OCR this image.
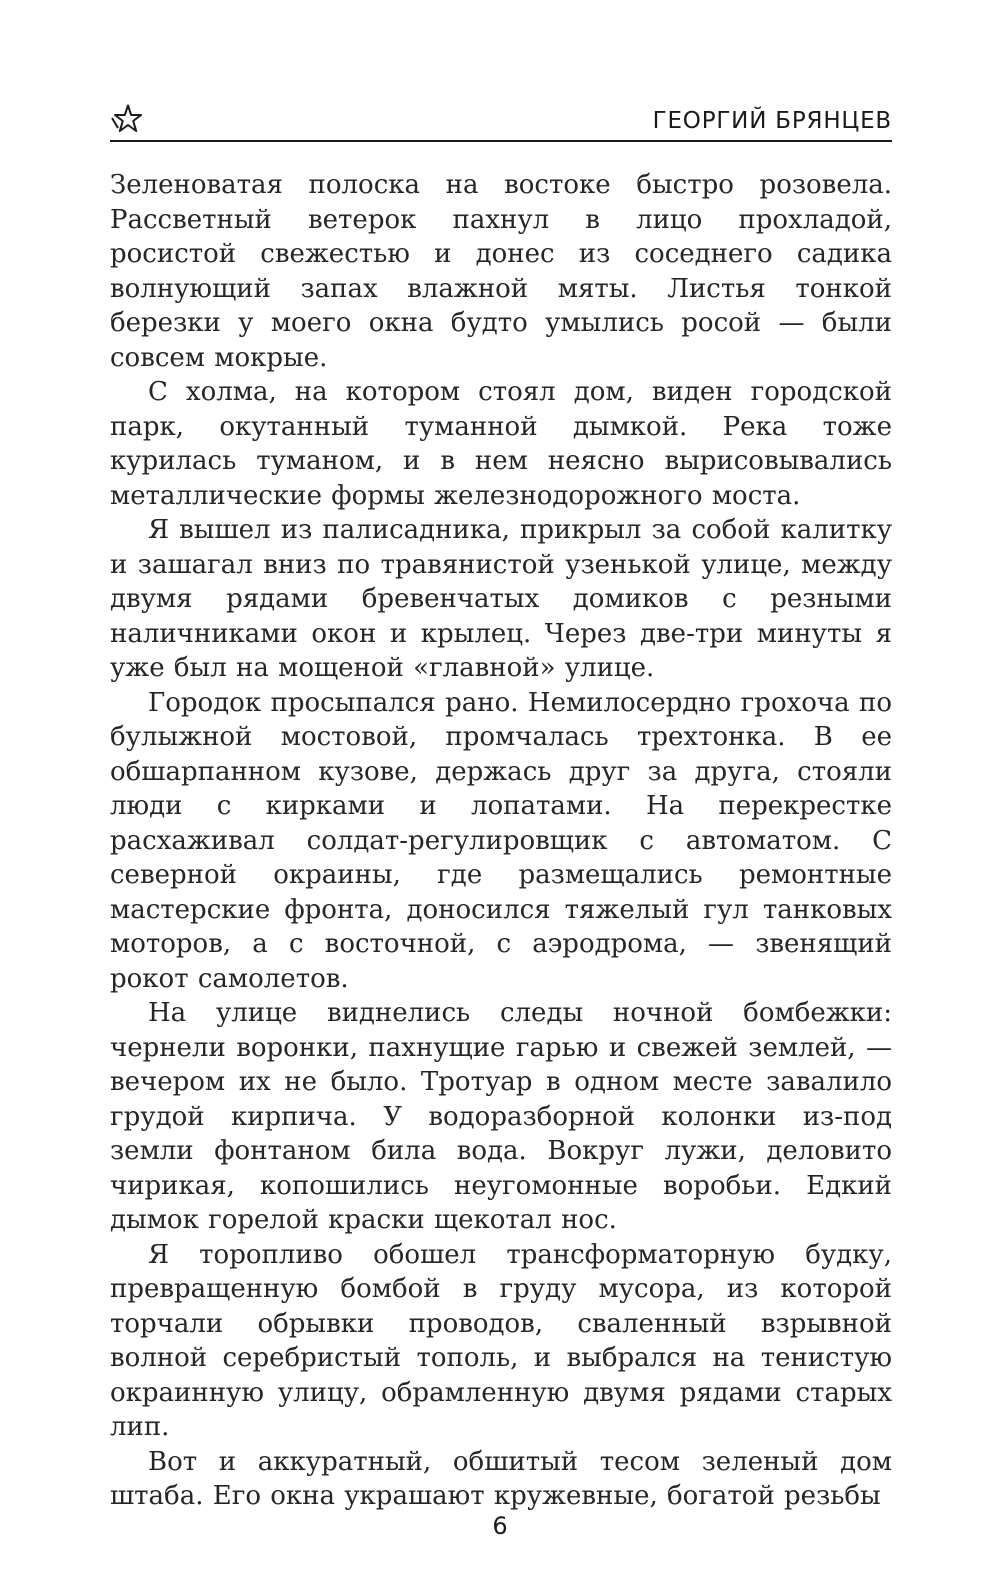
ГЕОРГИЙ БРЯНЦЕВ

Зеленоватая полоска на востоке быстро розовела. Рассветный ветерок пахнул в лицо прохладой, росистой свежестью и донес из соседнего садика волнующий запах влажной мяты. Листья тонкой березки у моего окна будто умылись росой — были совсем мокрые.

С холма, на котором стоял дом, виден городской парк, окутанный туманной дымкой. Река тоже курилась туманом, и в нем неясно вырисовывались металлические формы железнодорожного моста.

Я вышел из палисадника, прикрыл за собой калитку и зашагал вниз по травянистой узенькой улице, между двумя рядами бревенчатых домиков с резными наличниками окон и крылец. Через две-три минуты я уже был на мощеной «главной» улице.

Городок просыпался рано. Немилосердно грохоча по булыжной мостовой, промчалась трехтонка. В ее обшарпанном кузове, держась друг за друга, стояли люди с кирками и лопатами. На перекрестке расхаживал солдат-регулировщик с автоматом. С северной окраины, где размещались ремонтные мастерские фронта, доносился тяжелый гул танковых моторов, а с восточной, с аэродрома, — звенящий рокот самолетов.

На улице виднелись следы ночной бомбежки: чернели воронки, пахнущие гарью и свежей землей, — вечером их не было. Тротуар в одном месте завалило грудой кирпича. У водоразборной колонки из-под земли фонтаном била вода. Вокруг лужи, деловито чирикая, копошились неугомонные воробьи. Едкий дымок горелой краски щекотал нос.

Я торопливо обошел трансформаторную будку, превращенную бомбой в груду мусора, из которой торчали обрывки проводов, сваленный взрывной волной серебристый тополь, и выбрался на тенистую окраинную улицу, обрамленную двумя рядами старых лип.

Вот и аккуратный, обшитый тесом зеленый дом штаба. Его окна украшают кружевные, богатой резьбы

6
